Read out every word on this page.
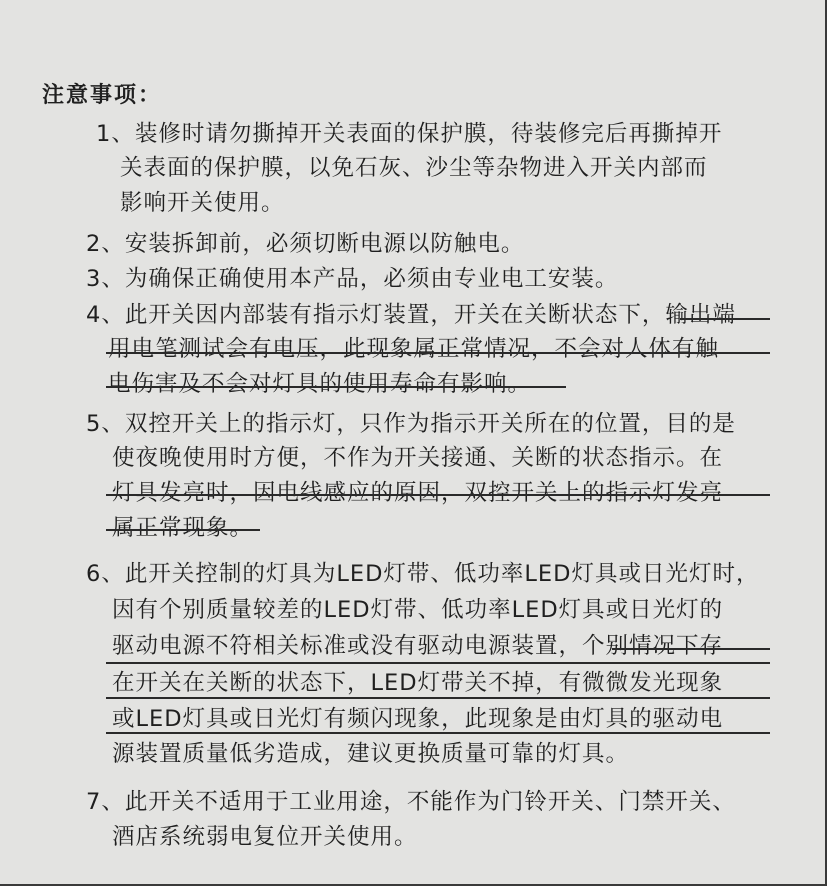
注意事项：
1、装修时请勿撕掉开关表面的保护膜，待装修完后再撕掉开
关表面的保护膜，以免石灰、沙尘等杂物进入开关内部而
影响开关使用。
2、安装拆卸前，必须切断电源以防触电。
3、为确保正确使用本产品，必须由专业电工安装。
4、此开关因内部装有指示灯装置，开关在关断状态下，输出端
用电笔测试会有电压，此现象属正常情况，不会对人体有触
电伤害及不会对灯具的使用寿命有影响。
5、双控开关上的指示灯，只作为指示开关所在的位置，目的是
使夜晚使用时方便，不作为开关接通、关断的状态指示。在
灯具发亮时，因电线感应的原因，双控开关上的指示灯发亮
属正常现象。
6、此开关控制的灯具为LED灯带、低功率LED灯具或日光灯时，
因有个别质量较差的LED灯带、低功率LED灯具或日光灯的
驱动电源不符相关标准或没有驱动电源装置，个别情况下存
在开关在关断的状态下，LED灯带关不掉，有微微发光现象
或LED灯具或日光灯有频闪现象，此现象是由灯具的驱动电
源装置质量低劣造成，建议更换质量可靠的灯具。
7、此开关不适用于工业用途，不能作为门铃开关、门禁开关、
酒店系统弱电复位开关使用。
